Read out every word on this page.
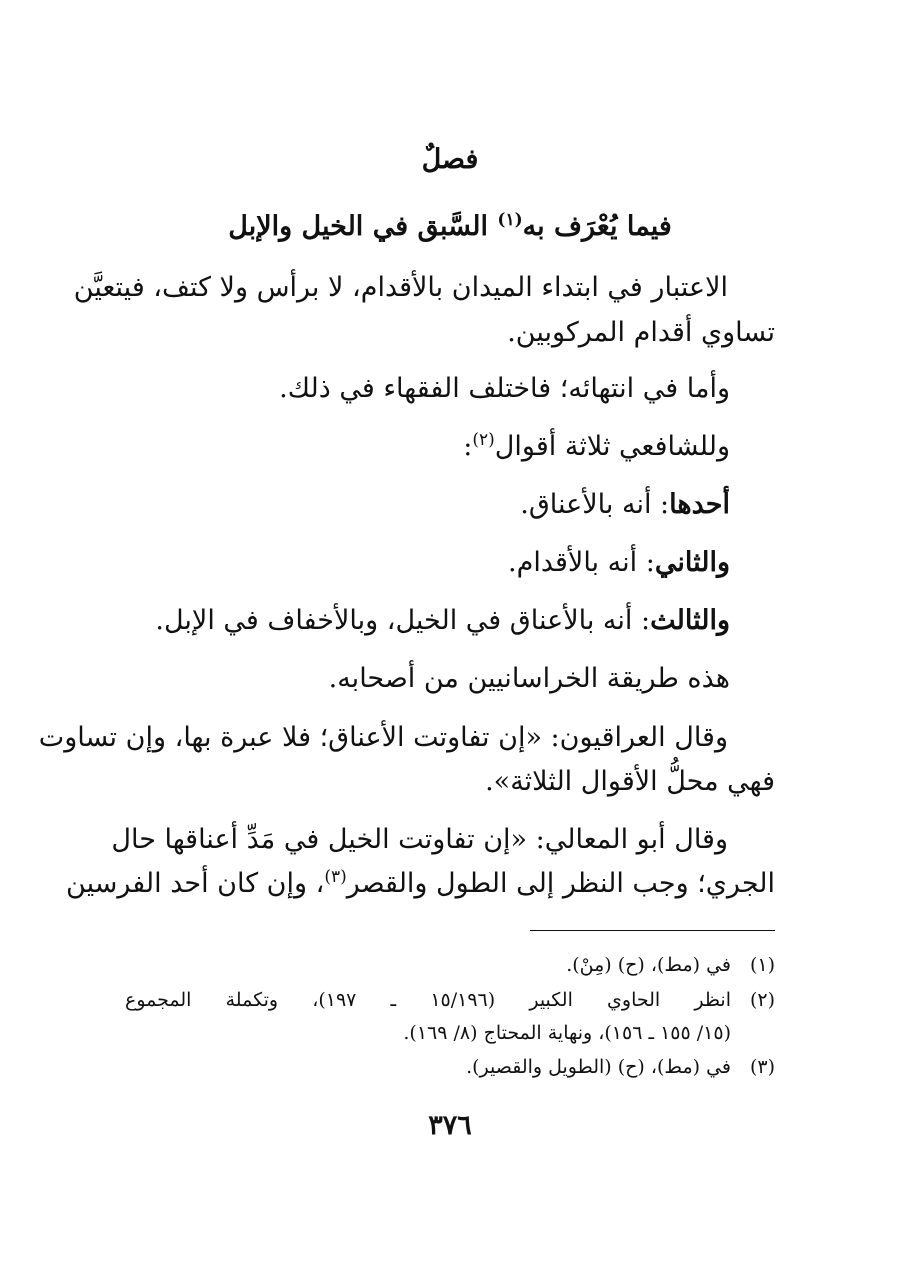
فصلٌ
فيما يُعْرَف به$^{(١)}$ السَّبق في الخيل والإبل
الاعتبار في ابتداء الميدان بالأقدام، لا برأس ولا كتف، فيتعيَّن
تساوي أقدام المركوبين.
وأما في انتهائه؛ فاختلف الفقهاء في ذلك.
وللشافعي ثلاثة أقوال$^{(٢)}$:
أحدها: أنه بالأعناق.
والثاني: أنه بالأقدام.
والثالث: أنه بالأعناق في الخيل، وبالأخفاف في الإبل.
هذه طريقة الخراسانيين من أصحابه.
وقال العراقيون: «إن تفاوتت الأعناق؛ فلا عبرة بها، وإن تساوت
فهي محلُّ الأقوال الثلاثة».
وقال أبو المعالي: «إن تفاوتت الخيل في مَدِّ أعناقها حال
الجري؛ وجب النظر إلى الطول والقصر$^{(٣)}$، وإن كان أحد الفرسين
(١)في (مط)، (ح) (مِنْ).
(٢)انظر الحاوي الكبير (١٥/١٩٦ ـ ١٩٧)، وتكملة المجموع
(١٥/ ١٥٥ ـ ١٥٦)، ونهاية المحتاج (٨/ ١٦٩).
(٣)في (مط)، (ح) (الطويل والقصير).
٣٧٦
